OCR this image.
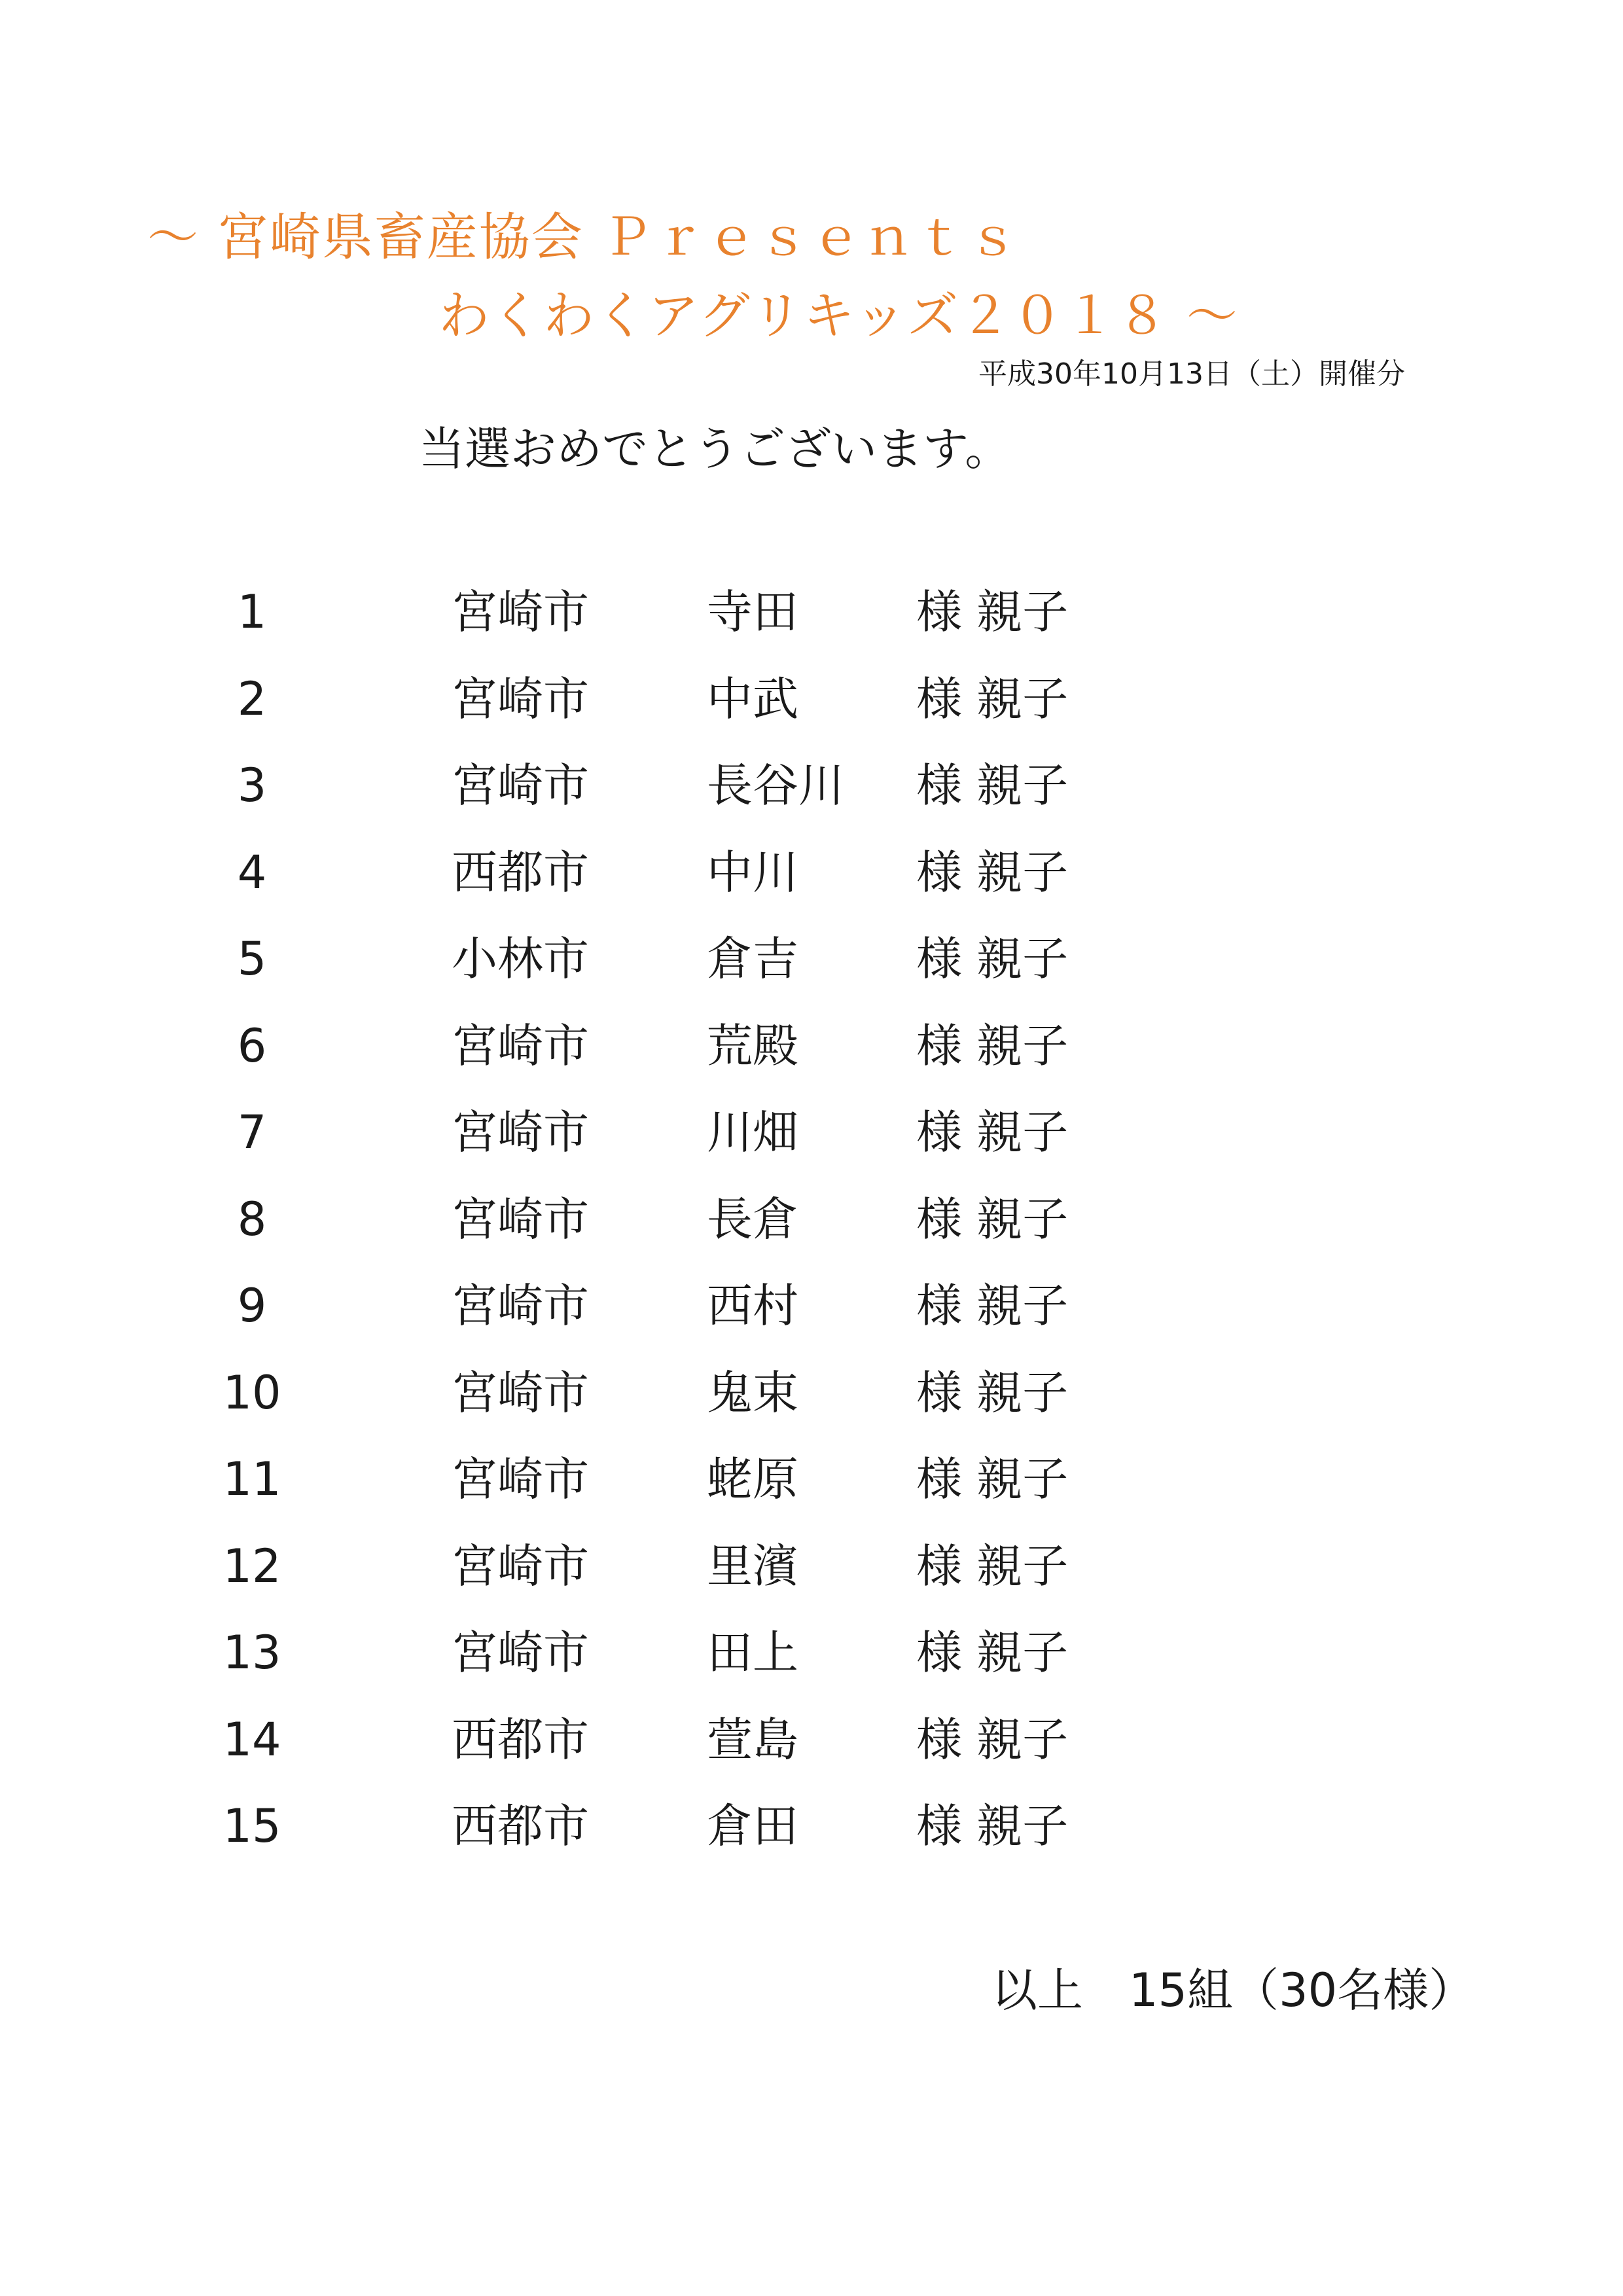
～ 宮崎県畜産協会 Ｐｒｅｓｅｎｔｓ
わくわくアグリキッズ２０１８ ～
平成30年10月13日（土）開催分
当選おめでとうございます。
1	宮崎市	寺田	様 親子
2	宮崎市	中武	様 親子
3	宮崎市	長谷川 様 親子
4	西都市	中川	様 親子
5	小林市	倉吉	様 親子
6	宮崎市	荒殿	様 親子
7	宮崎市	川畑	様 親子
8	宮崎市	長倉	様 親子
9	宮崎市	西村	様 親子
10	宮崎市	鬼束	様 親子
11	宮崎市	蛯原	様 親子
12	宮崎市	里濱	様 親子
13	宮崎市	田上	様 親子
14	西都市	萱島	様 親子
15	西都市	倉田	様 親子
以上　15組（30名様）
